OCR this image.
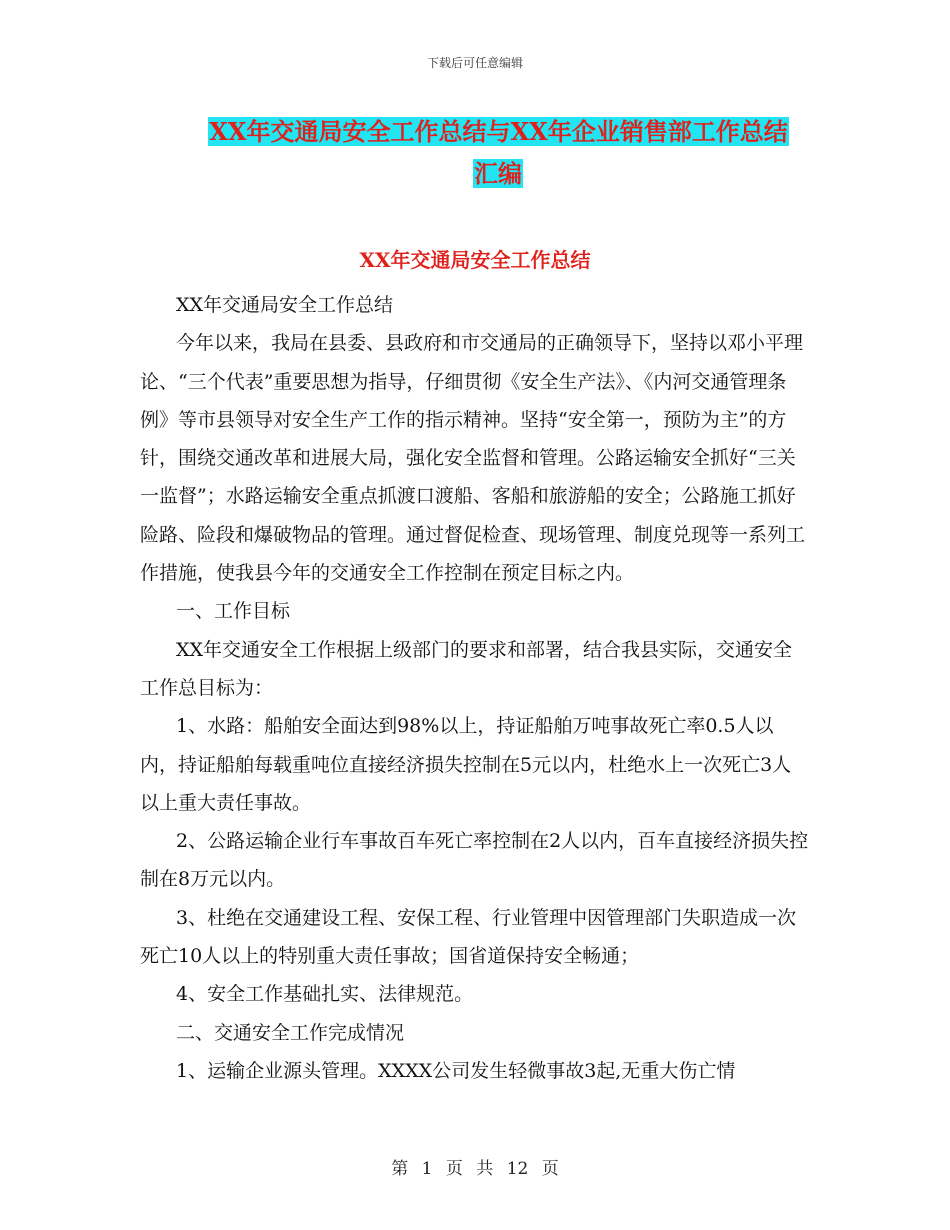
下载后可任意编辑
XX年交通局安全工作总结与XX年企业销售部工作总结
汇编
XX年交通局安全工作总结

XX年交通局安全工作总结

今年以来，我局在县委、县政府和市交通局的正确领导下，坚持以邓小平理论、“三个代表”重要思想为指导，仔细贯彻《安全生产法》、《内河交通管理条例》等市县领导对安全生产工作的指示精神。坚持“安全第一，预防为主”的方针，围绕交通改革和进展大局，强化安全监督和管理。公路运输安全抓好“三关一监督”；水路运输安全重点抓渡口渡船、客船和旅游船的安全；公路施工抓好险路、险段和爆破物品的管理。通过督促检查、现场管理、制度兑现等一系列工作措施，使我县今年的交通安全工作控制在预定目标之内。

一、工作目标

XX年交通安全工作根据上级部门的要求和部署，结合我县实际，交通安全工作总目标为：

1、水路：船舶安全面达到98%以上，持证船舶万吨事故死亡率0.5人以内，持证船舶每载重吨位直接经济损失控制在5元以内，杜绝水上一次死亡3人以上重大责任事故。

2、公路运输企业行车事故百车死亡率控制在2人以内，百车直接经济损失控制在8万元以内。

3、杜绝在交通建设工程、安保工程、行业管理中因管理部门失职造成一次死亡10人以上的特别重大责任事故；国省道保持安全畅通；

4、安全工作基础扎实、法律规范。

二、交通安全工作完成情况

1、运输企业源头管理。XXXX公司发生轻微事故3起,无重大伤亡情

第 1 页 共 12 页
